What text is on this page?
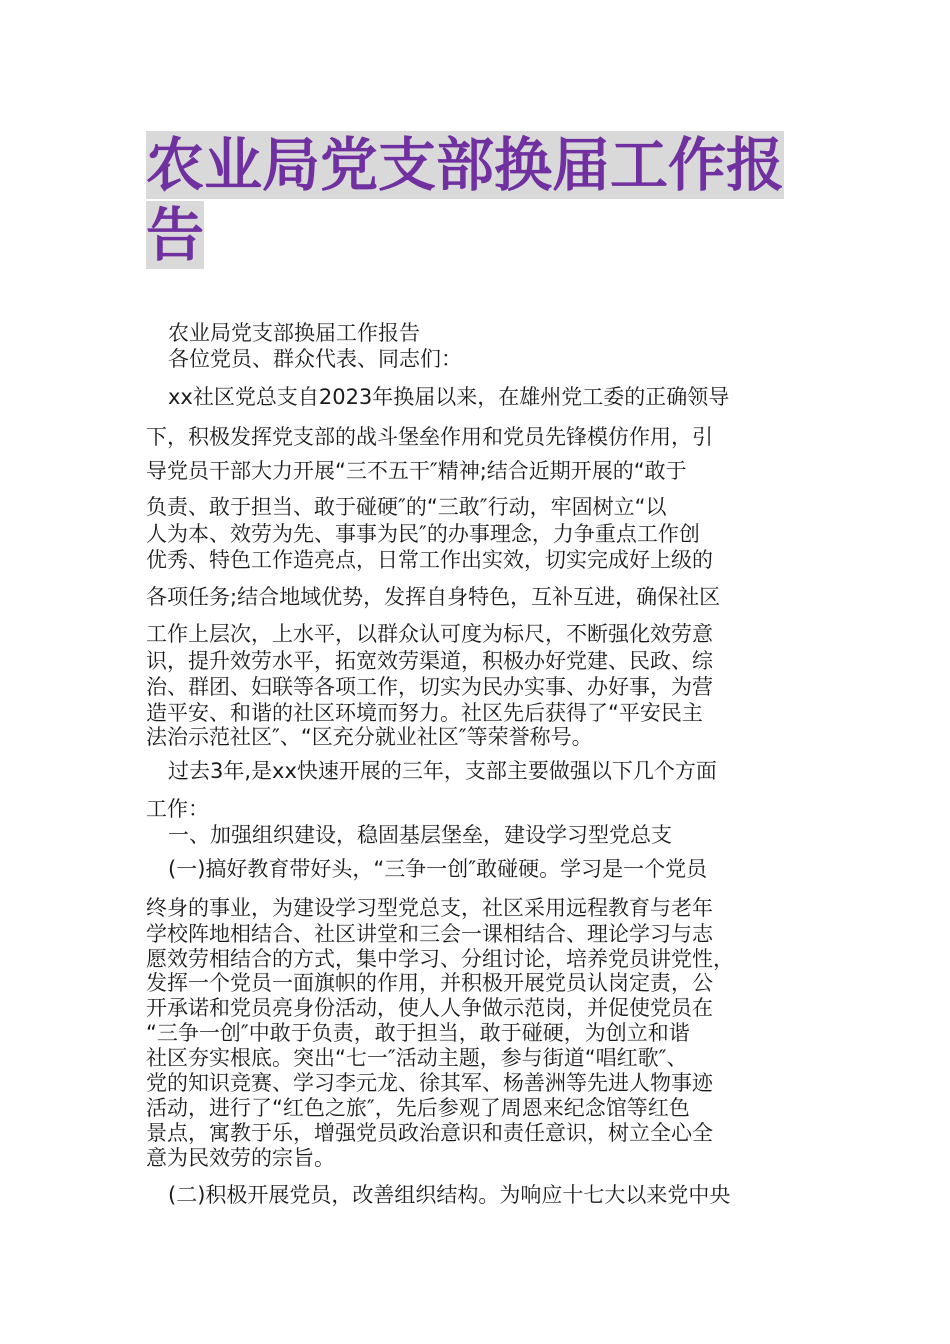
农业局党支部换届工作报告

农业局党支部换届工作报告

各位党员、群众代表、同志们：

xx社区党总支自2023年换届以来，在雄州党工委的正确领导

下，积极发挥党支部的战斗堡垒作用和党员先锋模仿作用，引

导党员干部大力开展“三不五干″精神;结合近期开展的“敢于

负责、敢于担当、敢于碰硬″的“三敢″行动，牢固树立“以

人为本、效劳为先、事事为民″的办事理念，力争重点工作创

优秀、特色工作造亮点，日常工作出实效，切实完成好上级的

各项任务;结合地域优势，发挥自身特色，互补互进，确保社区

工作上层次，上水平，以群众认可度为标尺，不断强化效劳意

识，提升效劳水平，拓宽效劳渠道，积极办好党建、民政、综

治、群团、妇联等各项工作，切实为民办实事、办好事，为营

造平安、和谐的社区环境而努力。社区先后获得了“平安民主

法治示范社区″、“区充分就业社区″等荣誉称号。

过去3年,是xx快速开展的三年，支部主要做强以下几个方面

工作：

一、加强组织建设，稳固基层堡垒，建设学习型党总支

(一)搞好教育带好头，“三争一创″敢碰硬。学习是一个党员

终身的事业，为建设学习型党总支，社区采用远程教育与老年

学校阵地相结合、社区讲堂和三会一课相结合、理论学习与志

愿效劳相结合的方式，集中学习、分组讨论，培养党员讲党性，

发挥一个党员一面旗帜的作用，并积极开展党员认岗定责，公

开承诺和党员亮身份活动，使人人争做示范岗，并促使党员在

“三争一创″中敢于负责，敢于担当，敢于碰硬，为创立和谐

社区夯实根底。突出“七一″活动主题，参与街道“唱红歌″、

党的知识竞赛、学习李元龙、徐其军、杨善洲等先进人物事迹

活动，进行了“红色之旅″，先后参观了周恩来纪念馆等红色

景点，寓教于乐，增强党员政治意识和责任意识，树立全心全

意为民效劳的宗旨。

(二)积极开展党员，改善组织结构。为响应十七大以来党中央
